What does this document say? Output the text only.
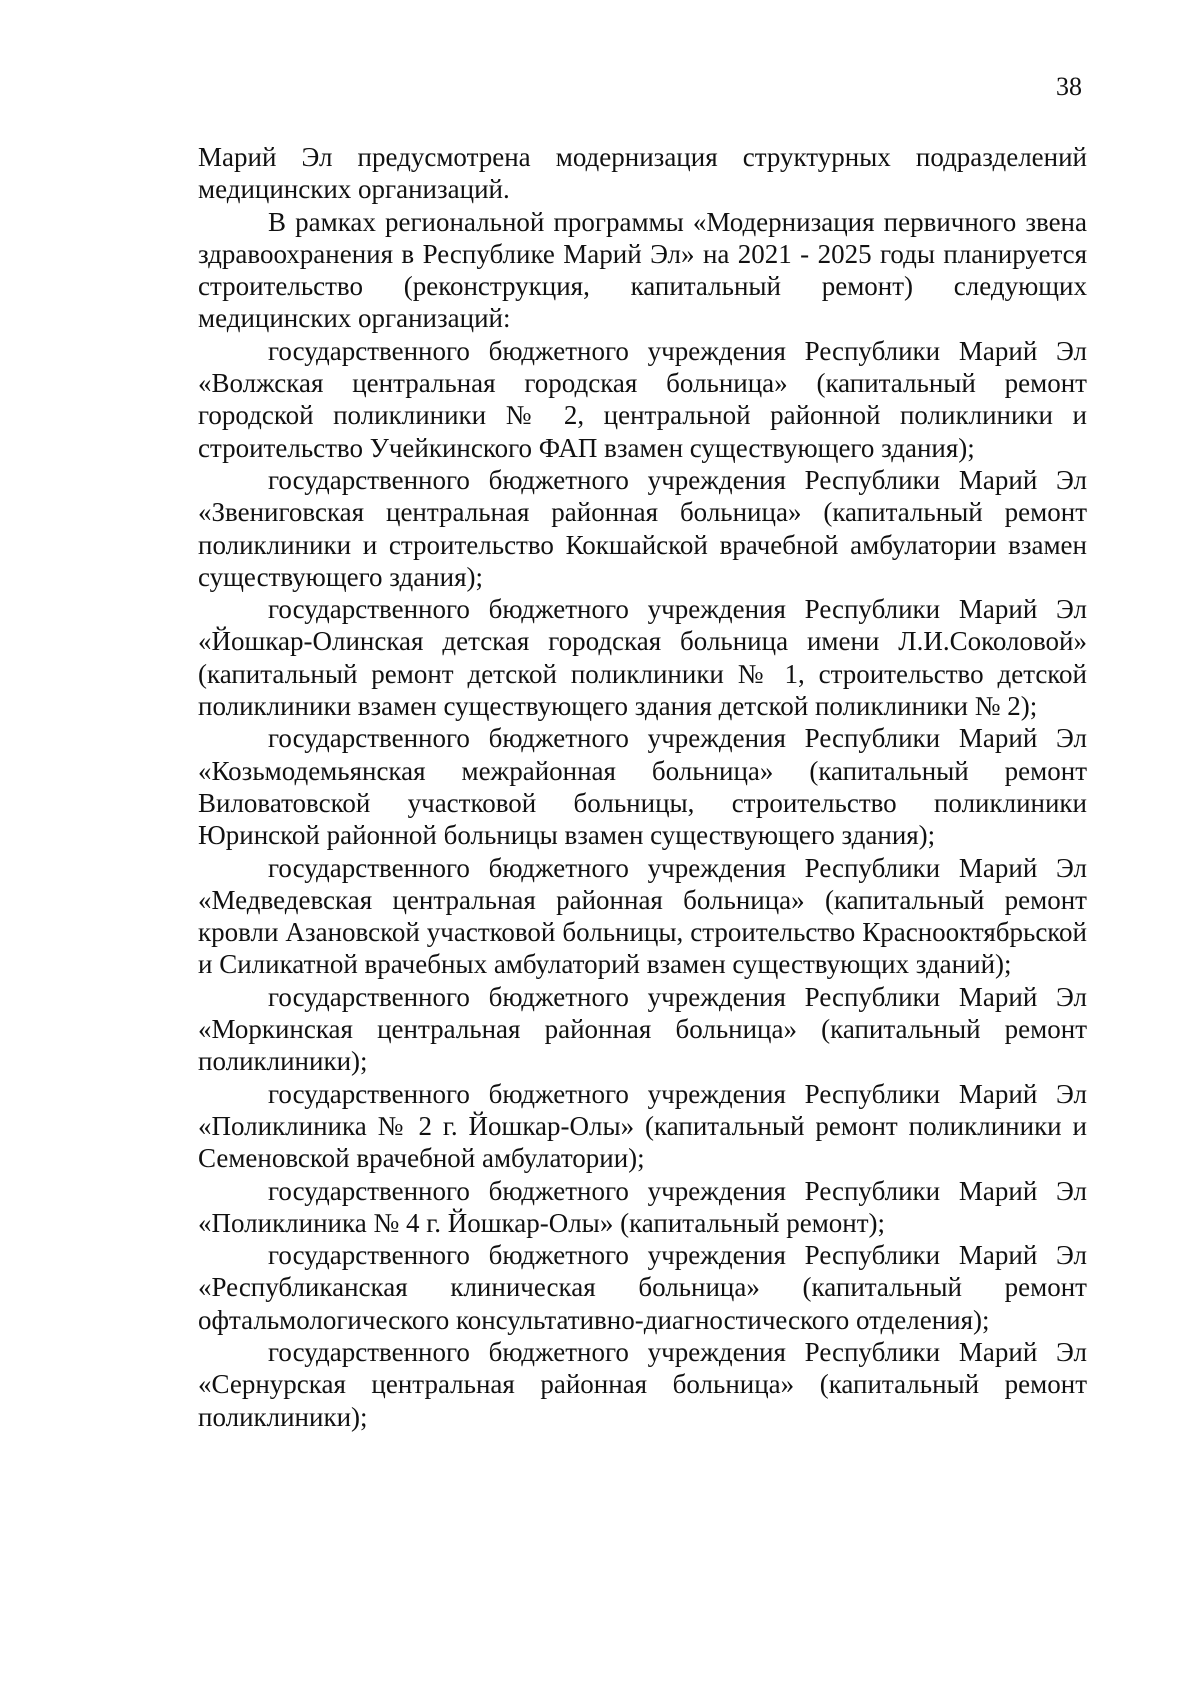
38

Марий Эл предусмотрена модернизация структурных подразделений медицинских организаций.

В рамках региональной программы «Модернизация первичного звена здравоохранения в Республике Марий Эл» на 2021 - 2025 годы планируется строительство (реконструкция, капитальный ремонт) следующих медицинских организаций:

государственного бюджетного учреждения Республики Марий Эл «Волжская центральная городская больница» (капитальный ремонт городской поликлиники № 2, центральной районной поликлиники и строительство Учейкинского ФАП взамен существующего здания);

государственного бюджетного учреждения Республики Марий Эл «Звениговская центральная районная больница» (капитальный ремонт поликлиники и строительство Кокшайской врачебной амбулатории взамен существующего здания);

государственного бюджетного учреждения Республики Марий Эл «Йошкар-Олинская детская городская больница имени Л.И.Соколовой» (капитальный ремонт детской поликлиники № 1, строительство детской поликлиники взамен существующего здания детской поликлиники № 2);

государственного бюджетного учреждения Республики Марий Эл «Козьмодемьянская межрайонная больница» (капитальный ремонт Виловатовской участковой больницы, строительство поликлиники Юринской районной больницы взамен существующего здания);

государственного бюджетного учреждения Республики Марий Эл «Медведевская центральная районная больница» (капитальный ремонт кровли Азановской участковой больницы, строительство Краснооктябрьской и Силикатной врачебных амбулаторий взамен существующих зданий);

государственного бюджетного учреждения Республики Марий Эл «Моркинская центральная районная больница» (капитальный ремонт поликлиники);

государственного бюджетного учреждения Республики Марий Эл «Поликлиника № 2 г. Йошкар-Олы» (капитальный ремонт поликлиники и Семеновской врачебной амбулатории);

государственного бюджетного учреждения Республики Марий Эл «Поликлиника № 4 г. Йошкар-Олы» (капитальный ремонт);

государственного бюджетного учреждения Республики Марий Эл «Республиканская клиническая больница» (капитальный ремонт офтальмологического консультативно-диагностического отделения);

государственного бюджетного учреждения Республики Марий Эл «Сернурская центральная районная больница» (капитальный ремонт поликлиники);
